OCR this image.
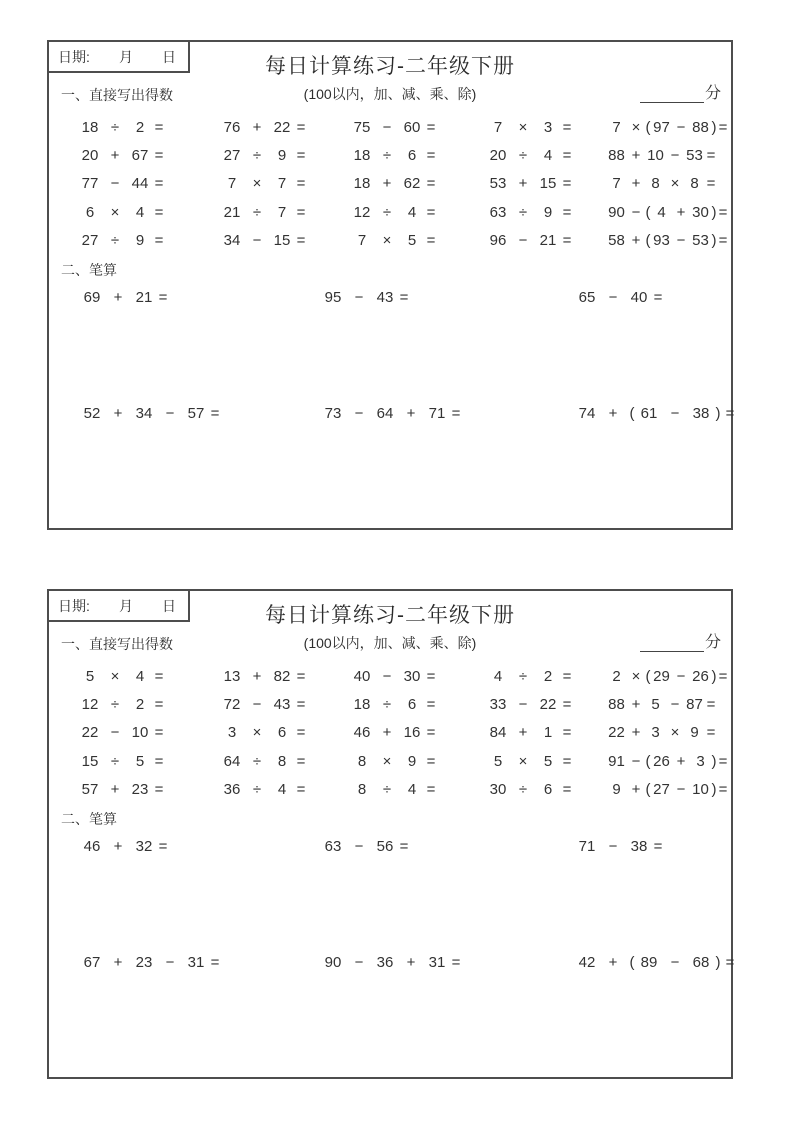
日期: 月 日	每日计算练习-二年级下册
(100以内，加、减、乘、除)	分
一、直接写出得数
18 ÷	2 =	76 + 22 =	75 − 60 =	7	×	3 =	7 × ( 97 − 88 ) =
20 + 67 =	27 ÷	9 =	18 ÷	6 =	20 ÷	4 = 88 + 10 − 53 =
77 − 44 =	7	×	7 =	18 + 62 =	53 + 15 =	7 + 8 × 8 =
6	×	4 =	21 ÷	7 =	12 ÷	4 =	63 ÷	9 = 90 − ( 4 + 30 ) =
27 ÷	9 =	34 − 15 =	7	×	5 =	96 − 21 = 58 + ( 93 − 53 ) =
二、笔算
69 + 21 =	95 − 43 =	65 − 40 =
52 + 34 − 57 =	73 − 64 + 71 =	74 + ( 61 − 38 ) =
日期: 月 日	每日计算练习-二年级下册
(100以内，加、减、乘、除)	分
一、直接写出得数
5	×	4 =	13 + 82 =	40 − 30 =	4	÷	2 =	2 × ( 29 − 26 ) =
12 ÷	2 =	72 − 43 =	18 ÷	6 =	33 − 22 = 88 + 5 − 87 =
22 − 10 =	3	×	6 =	46 + 16 =	84 +	1 = 22 + 3 × 9 =
15 ÷	5 =	64 ÷	8 =	8	×	9 =	5	×	5 = 91 − ( 26 + 3 ) =
57 + 23 =	36 ÷	4 =	8	÷	4 =	30 ÷	6 =	9 + ( 27 − 10 ) =
二、笔算
46 + 32 =	63 − 56 =	71 − 38 =
67 + 23 − 31 =	90 − 36 + 31 =	42 + ( 89 − 68 ) =
